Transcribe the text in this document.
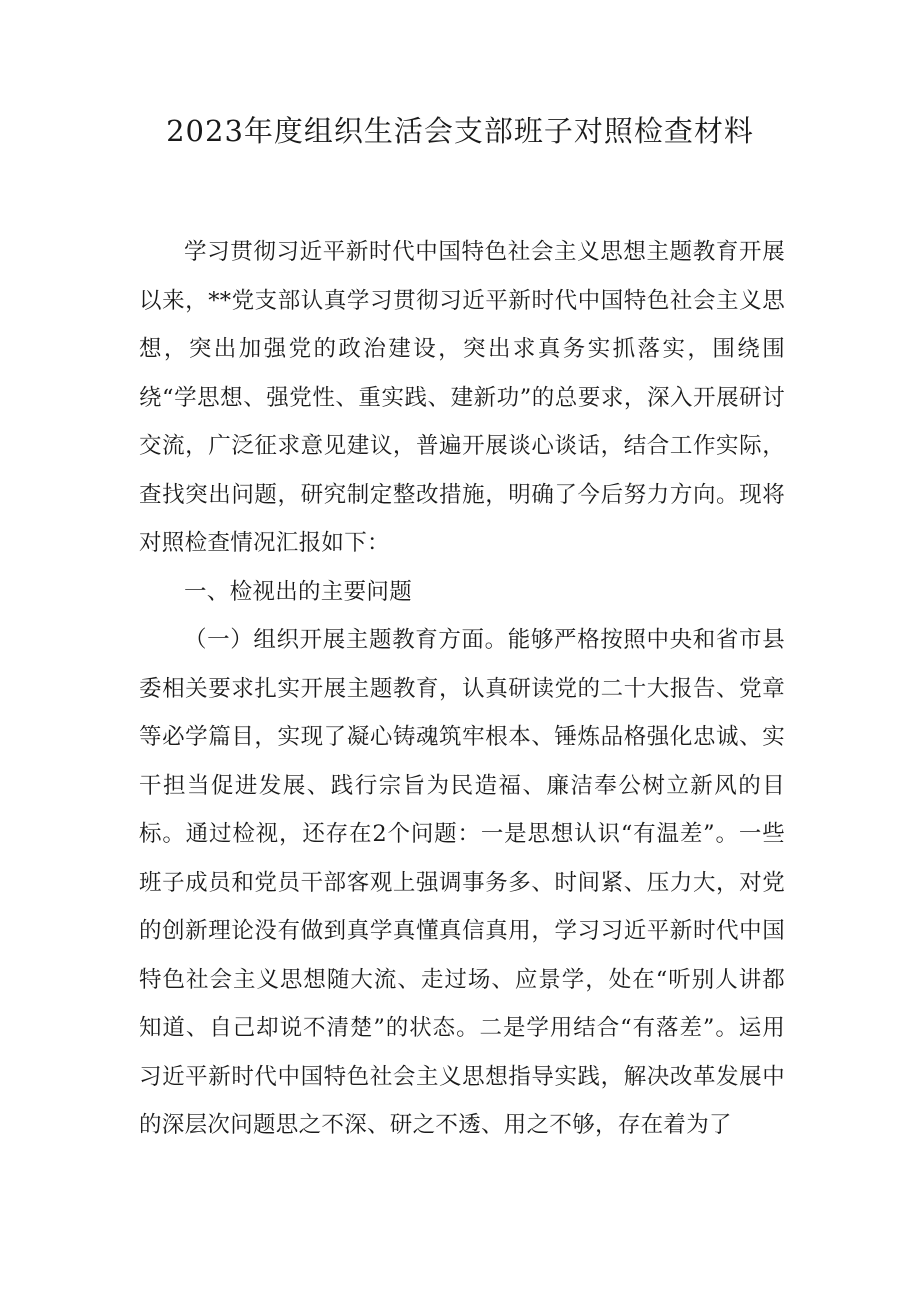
2023年度组织生活会支部班子对照检查材料

学习贯彻习近平新时代中国特色社会主义思想主题教育开展以来，**党支部认真学习贯彻习近平新时代中国特色社会主义思想，突出加强党的政治建设，突出求真务实抓落实，围绕围绕“学思想、强党性、重实践、建新功”的总要求，深入开展研讨交流，广泛征求意见建议，普遍开展谈心谈话，结合工作实际，查找突出问题，研究制定整改措施，明确了今后努力方向。现将对照检查情况汇报如下：

一、检视出的主要问题

（一）组织开展主题教育方面。能够严格按照中央和省市县委相关要求扎实开展主题教育，认真研读党的二十大报告、党章等必学篇目，实现了凝心铸魂筑牢根本、锤炼品格强化忠诚、实干担当促进发展、践行宗旨为民造福、廉洁奉公树立新风的目标。通过检视，还存在2个问题：一是思想认识“有温差”。一些班子成员和党员干部客观上强调事务多、时间紧、压力大，对党的创新理论没有做到真学真懂真信真用，学习习近平新时代中国特色社会主义思想随大流、走过场、应景学，处在“听别人讲都知道、自己却说不清楚”的状态。二是学用结合“有落差”。运用习近平新时代中国特色社会主义思想指导实践，解决改革发展中的深层次问题思之不深、研之不透、用之不够，存在着为了
